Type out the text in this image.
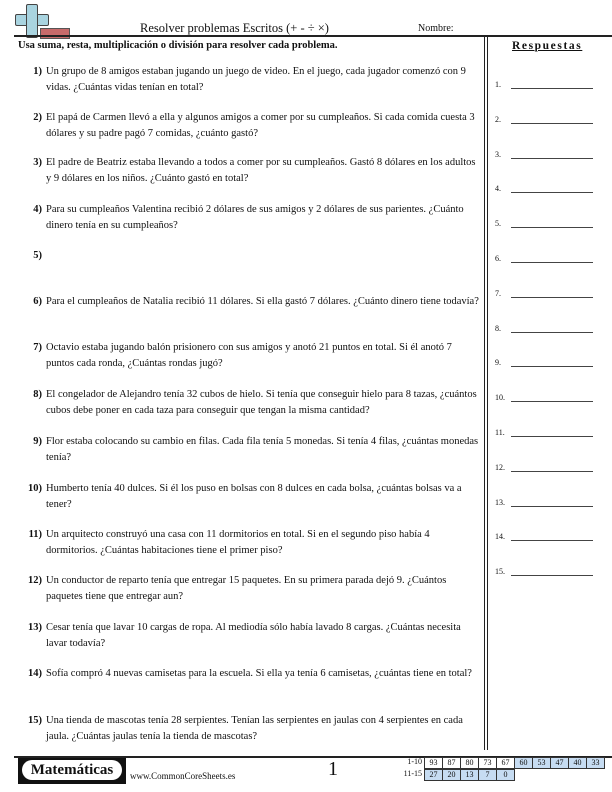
Resolver problemas Escritos (+ - ÷ ×)	Nombre:
Usa suma, resta, multiplicación o división para resolver cada problema.	Respuestas
1.
2.
3.
4.
5.
6.
7.
8.
9.
10.
11.
12.
13.
14.
15.
1) Un grupo de 8 amigos estaban jugando un juego de video. En el juego, cada jugador comenzó con 9 vidas. ¿Cuántas vidas tenían en total?
2) El papá de Carmen llevó a ella y algunos amigos a comer por su cumpleaños. Si cada comida cuesta 3 dólares y su padre pagó 7 comidas, ¿cuánto gastó?
3) El padre de Beatriz estaba llevando a todos a comer por su cumpleaños. Gastó 8 dólares en los adultos y 9 dólares en los niños. ¿Cuánto gastó en total?
4) Para su cumpleaños Valentina recibió 2 dólares de sus amigos y 2 dólares de sus parientes. ¿Cuánto dinero tenía en su cumpleaños?
5)
6) Para el cumpleaños de Natalia recibió 11 dólares. Si ella gastó 7 dólares. ¿Cuánto dinero tiene todavía?
7) Octavio estaba jugando balón prisionero con sus amigos y anotó 21 puntos en total. Si él anotó 7 puntos cada ronda, ¿Cuántas rondas jugó?
8) El congelador de Alejandro tenía 32 cubos de hielo. Si tenía que conseguir hielo para 8 tazas, ¿cuántos cubos debe poner en cada taza para conseguir que tengan la misma cantidad?
9) Flor estaba colocando su cambio en filas. Cada fila tenía 5 monedas. Si tenía 4 filas, ¿cuántas monedas tenía?
10) Humberto tenía 40 dulces. Si él los puso en bolsas con 8 dulces en cada bolsa, ¿cuántas bolsas va a tener?
11) Un arquitecto construyó una casa con 11 dormitorios en total. Si en el segundo piso había 4 dormitorios. ¿Cuántas habitaciones tiene el primer piso?
12) Un conductor de reparto tenía que entregar 15 paquetes. En su primera parada dejó 9. ¿Cuántos paquetes tiene que entregar aun?
13) Cesar tenía que lavar 10 cargas de ropa. Al mediodía sólo había lavado 8 cargas. ¿Cuántas necesita lavar todavía?
14) Sofía compró 4 nuevas camisetas para la escuela. Si ella ya tenía 6 camisetas, ¿cuántas tiene en total?
15) Una tienda de mascotas tenía 28 serpientes. Tenían las serpientes en jaulas con 4 serpientes en cada jaula. ¿Cuántas jaulas tenía la tienda de mascotas?
Matemáticas	www.CommonCoreSheets.es	1	1-10 93	87	80	73	67	60	53	47	40	33
11-15 27	20	13	7	0
